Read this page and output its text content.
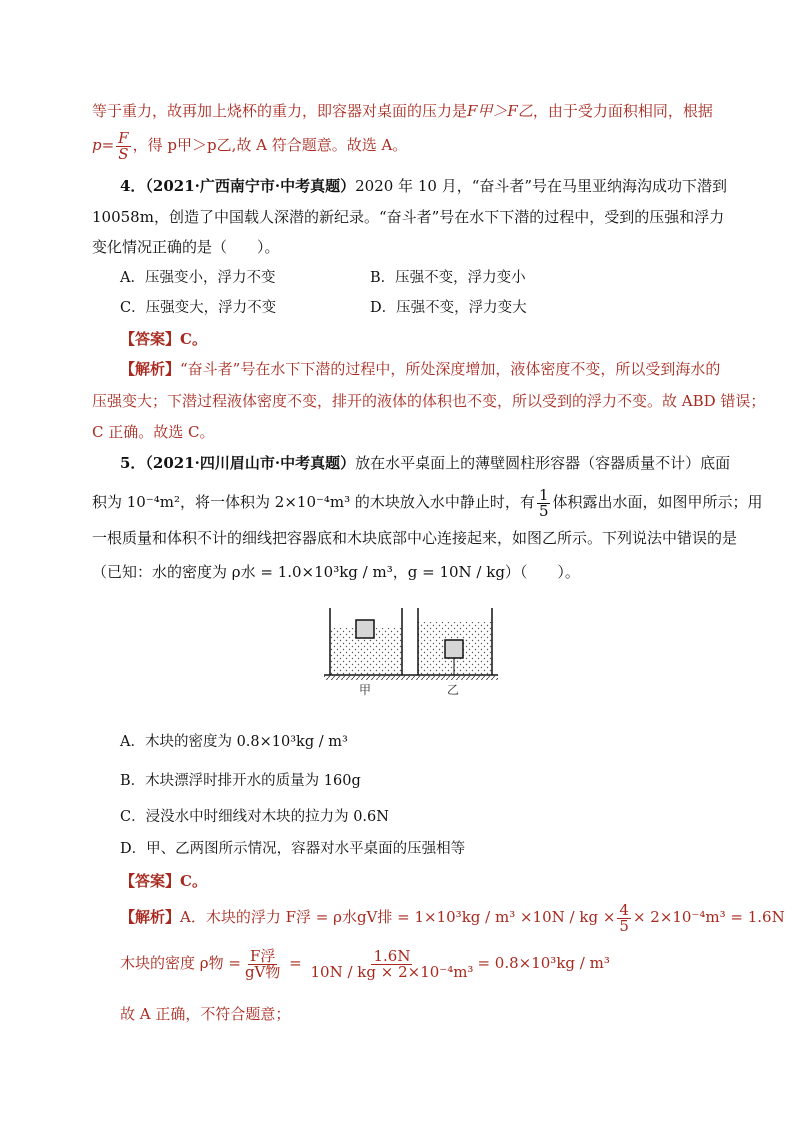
等于重力，故再加上烧杯的重力，即容器对桌面的压力是F甲＞F乙，由于受力面积相同，根据
$p= \frac{F}{S}$ ，得 p甲＞p乙,故 A 符合题意。故选 A。
4．（2021·广西南宁市·中考真题）2020 年 10 月，“奋斗者”号在马里亚纳海沟成功下潜到
10058m，创造了中国载人深潜的新纪录。“奋斗者”号在水下下潜的过程中，受到的压强和浮力
变化情况正确的是（　　）。
A．压强变小，浮力不变	B．压强不变，浮力变小
C．压强变大，浮力不变	D．压强不变，浮力变大
【答案】C。
【解析】“奋斗者”号在水下下潜的过程中，所处深度增加，液体密度不变，所以受到海水的
压强变大；下潜过程液体密度不变，排开的液体的体积也不变，所以受到的浮力不变。故 ABD 错误；
C 正确。故选 C。
5．（2021·四川眉山市·中考真题）放在水平桌面上的薄壁圆柱形容器（容器质量不计）底面
积为 10⁻⁴m²，将一体积为 2×10⁻⁴m³ 的木块放入水中静止时，有 $\frac{1}{5}$ 体积露出水面，如图甲所示；用
一根质量和体积不计的细线把容器底和木块底部中心连接起来，如图乙所示。下列说法中错误的是
（已知：水的密度为 ρ水 = 1.0×10³kg / m³，g = 10N / kg）（　　）。
甲	乙
A．木块的密度为 0.8×10³kg / m³
B．木块漂浮时排开水的质量为 160g
C．浸没水中时细线对木块的拉力为 0.6N
D．甲、乙两图所示情况，容器对水平桌面的压强相等
【答案】C。
【解析】A．木块的浮力 F浮 = ρ水gV排 = 1×10³kg / m³ ×10N / kg × $\frac{4}{5} \times 2\times 10^{-4}m^3 = 1.6N$
木块的密度 ρ物 = $\frac{\text{F浮}}{\text{gV物}} = \frac{1.6N}{\text{10N / kg × 2×10⁻⁴m³}} = 0.8\times 10^3kg / m^3$
故 A 正确，不符合题意；
